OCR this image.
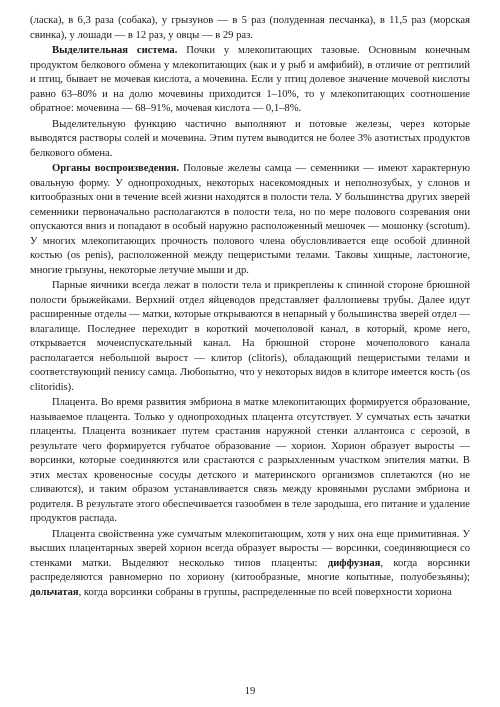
(ласка), в 6,3 раза (собака), у грызунов — в 5 раз (полуденная песчанка), в 11,5 раз (морская свинка), у лошади — в 12 раз, у овцы — в 29 раз.

Выделительная система. Почки у млекопитающих тазовые. Основным конечным продуктом белкового обмена у млекопитающих (как и у рыб и амфибий), в отличие от рептилий и птиц, бывает не мочевая кислота, а мочевина. Если у птиц долевое значение мочевой кислоты равно 63–80% и на долю мочевины приходится 1–10%, то у млекопитающих соотношение обратное: мочевина — 68–91%, мочевая кислота — 0,1–8%.

Выделительную функцию частично выполняют и потовые железы, через которые выводятся растворы солей и мочевина. Этим путем выводится не более 3% азотистых продуктов белкового обмена.

Органы воспроизведения. Половые железы самца — семенники — имеют характерную овальную форму. У однопроходных, некоторых насекомоядных и неполнозубых, у слонов и китообразных они в течение всей жизни находятся в полости тела. У большинства других зверей семенники первоначально располагаются в полости тела, но по мере полового созревания они опускаются вниз и попадают в особый наружно расположенный мешочек — мошонку (scrotum). У многих млекопитающих прочность полового члена обусловливается еще особой длинной костью (os penis), расположенной между пещеристыми телами. Таковы хищные, ластоногие, многие грызуны, некоторые летучие мыши и др.

Парные яичники всегда лежат в полости тела и прикреплены к спинной стороне брюшной полости брыжейками. Верхний отдел яйцеводов представляет фаллопиевы трубы. Далее идут расширенные отделы — матки, которые открываются в непарный у большинства зверей отдел — влагалище. Последнее переходит в короткий мочеполовой канал, в который, кроме него, открывается мочеиспускательный канал. На брюшной стороне мочеполового канала располагается небольшой вырост — клитор (clitoris), обладающий пещеристыми телами и соответствующий пенису самца. Любопытно, что у некоторых видов в клиторе имеется кость (os clitoridis).

Плацента. Во время развития эмбриона в матке млекопитающих формируется образование, называемое плацента. Только у однопроходных плацента отсутствует. У сумчатых есть зачатки плаценты. Плацента возникает путем срастания наружной стенки аллантоиса с серозой, в результате чего формируется губчатое образование — хорион. Хорион образует выросты — ворсинки, которые соединяются или срастаются с разрыхленным участком эпителия матки. В этих местах кровеносные сосуды детского и материнского организмов сплетаются (но не сливаются), и таким образом устанавливается связь между кровяными руслами эмбриона и родителя. В результате этого обеспечивается газообмен в теле зародыша, его питание и удаление продуктов распада.

Плацента свойственна уже сумчатым млекопитающим, хотя у них она еще примитивная. У высших плацентарных зверей хорион всегда образует выросты — ворсинки, соединяющиеся со стенками матки. Выделяют несколько типов плаценты: диффузная, когда ворсинки распределяются равномерно по хориону (китообразные, многие копытные, полуобезьяны); дольчатая, когда ворсинки собраны в группы, распределенные по всей поверхности хориона

19
